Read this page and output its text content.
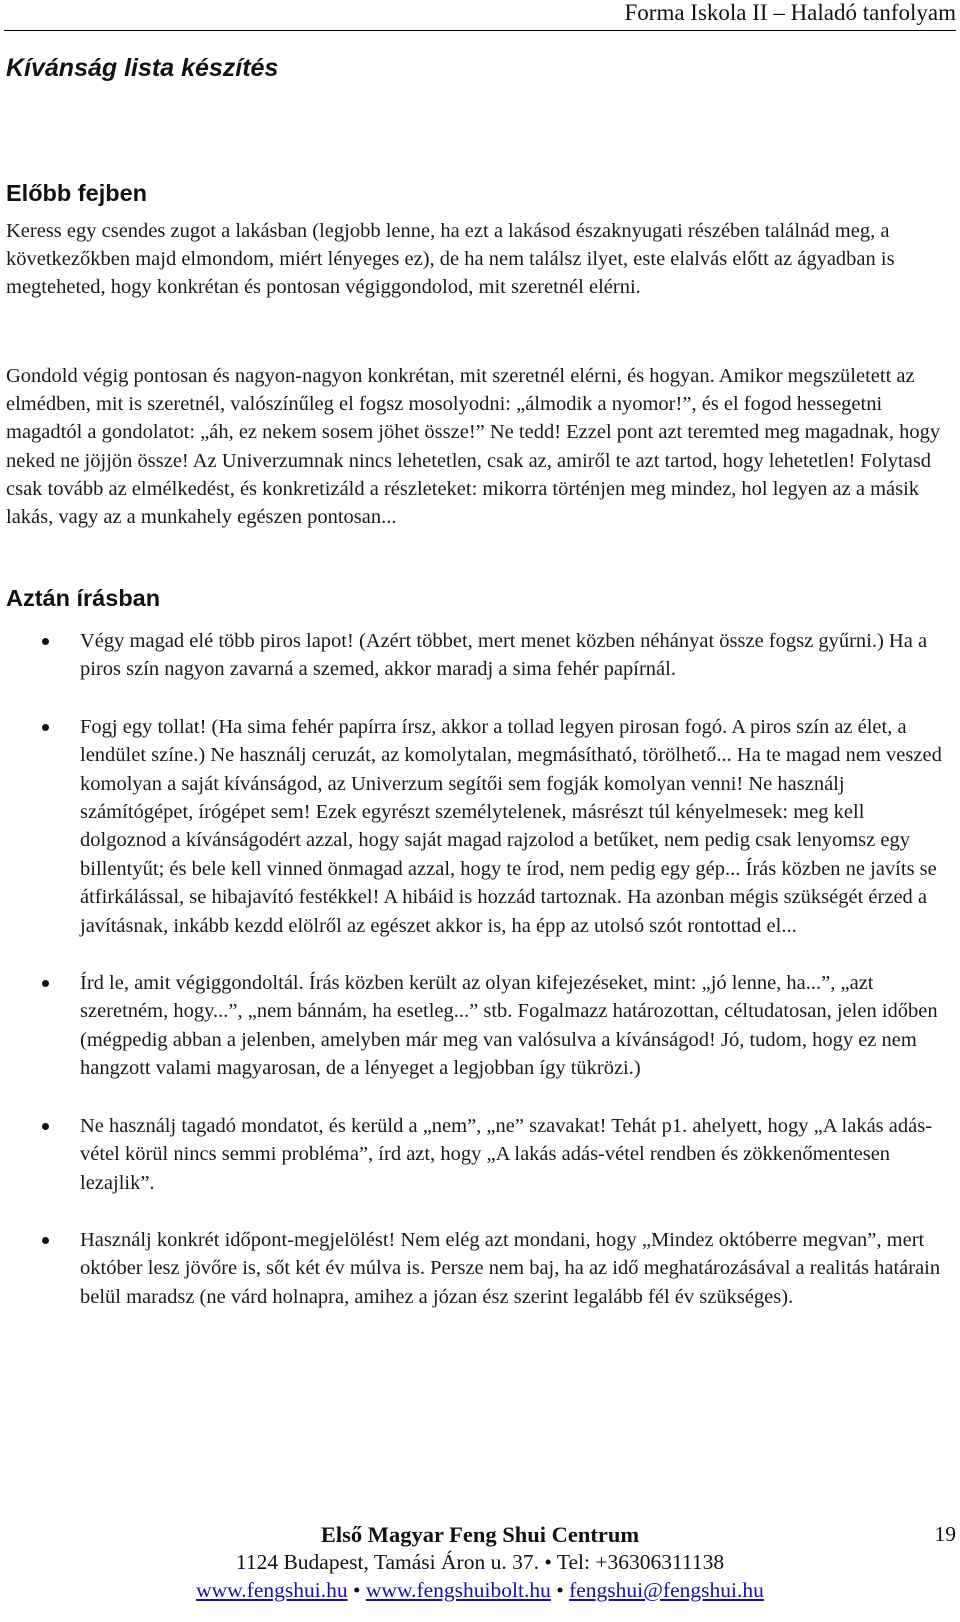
Forma Iskola II – Haladó tanfolyam
Kívánság lista készítés
Előbb fejben

Keress egy csendes zugot a lakásban (legjobb lenne, ha ezt a lakásod északnyugati részében találnád meg, a következőkben majd elmondom, miért lényeges ez), de ha nem találsz ilyet, este elalvás előtt az ágyadban is megteheted, hogy konkrétan és pontosan végiggondolod, mit szeretnél elérni.

Gondold végig pontosan és nagyon-nagyon konkrétan, mit szeretnél elérni, és hogyan. Amikor megszületett az elmédben, mit is szeretnél, valószínűleg el fogsz mosolyodni: „álmodik a nyomor!”, és el fogod hessegetni magadtól a gondolatot: „áh, ez nekem sosem jöhet össze!” Ne tedd! Ezzel pont azt teremted meg magadnak, hogy neked ne jöjjön össze! Az Univerzumnak nincs lehetetlen, csak az, amiről te azt tartod, hogy lehetetlen! Folytasd csak tovább az elmélkedést, és konkretizáld a részleteket: mikorra történjen meg mindez, hol legyen az a másik lakás, vagy az a munkahely egészen pontosan...

Aztán írásban
Végy magad elé több piros lapot! (Azért többet, mert menet közben néhányat össze fogsz gyűrni.) Ha a piros szín nagyon zavarná a szemed, akkor maradj a sima fehér papírnál.
Fogj egy tollat! (Ha sima fehér papírra írsz, akkor a tollad legyen pirosan fogó. A piros szín az élet, a lendület színe.) Ne használj ceruzát, az komolytalan, megmásítható, törölhető... Ha te magad nem veszed komolyan a saját kívánságod, az Univerzum segítői sem fogják komolyan venni! Ne használj számítógépet, írógépet sem! Ezek egyrészt személytelenek, másrészt túl kényelmesek: meg kell dolgoznod a kívánságodért azzal, hogy saját magad rajzolod a betűket, nem pedig csak lenyomsz egy billentyűt; és bele kell vinned önmagad azzal, hogy te írod, nem pedig egy gép... Írás közben ne javíts se átfirkálással, se hibajavító festékkel! A hibáid is hozzád tartoznak. Ha azonban mégis szükségét érzed a javításnak, inkább kezdd elölről az egészet akkor is, ha épp az utolsó szót rontottad el...
Írd le, amit végiggondoltál. Írás közben került az olyan kifejezéseket, mint: „jó lenne, ha...”, „azt szeretném, hogy...”, „nem bánnám, ha esetleg...” stb. Fogalmazz határozottan, céltudatosan, jelen időben (mégpedig abban a jelenben, amelyben már meg van valósulva a kívánságod! Jó, tudom, hogy ez nem hangzott valami magyarosan, de a lényeget a legjobban így tükrözi.)
Ne használj tagadó mondatot, és kerüld a „nem”, „ne” szavakat! Tehát p1. ahelyett, hogy „A lakás adás-vétel körül nincs semmi probléma”, írd azt, hogy „A lakás adás-vétel rendben és zökkenőmentesen lezajlik”.
Használj konkrét időpont-megjelölést! Nem elég azt mondani, hogy „Mindez októberre megvan”, mert október lesz jövőre is, sőt két év múlva is. Persze nem baj, ha az idő meghatározásával a realitás határain belül maradsz (ne várd holnapra, amihez a józan ész szerint legalább fél év szükséges).
Első Magyar Feng Shui Centrum
1124 Budapest, Tamási Áron u. 37. • Tel: +36306311138
www.fengshui.hu • www.fengshuibolt.hu • fengshui@fengshui.hu
19
